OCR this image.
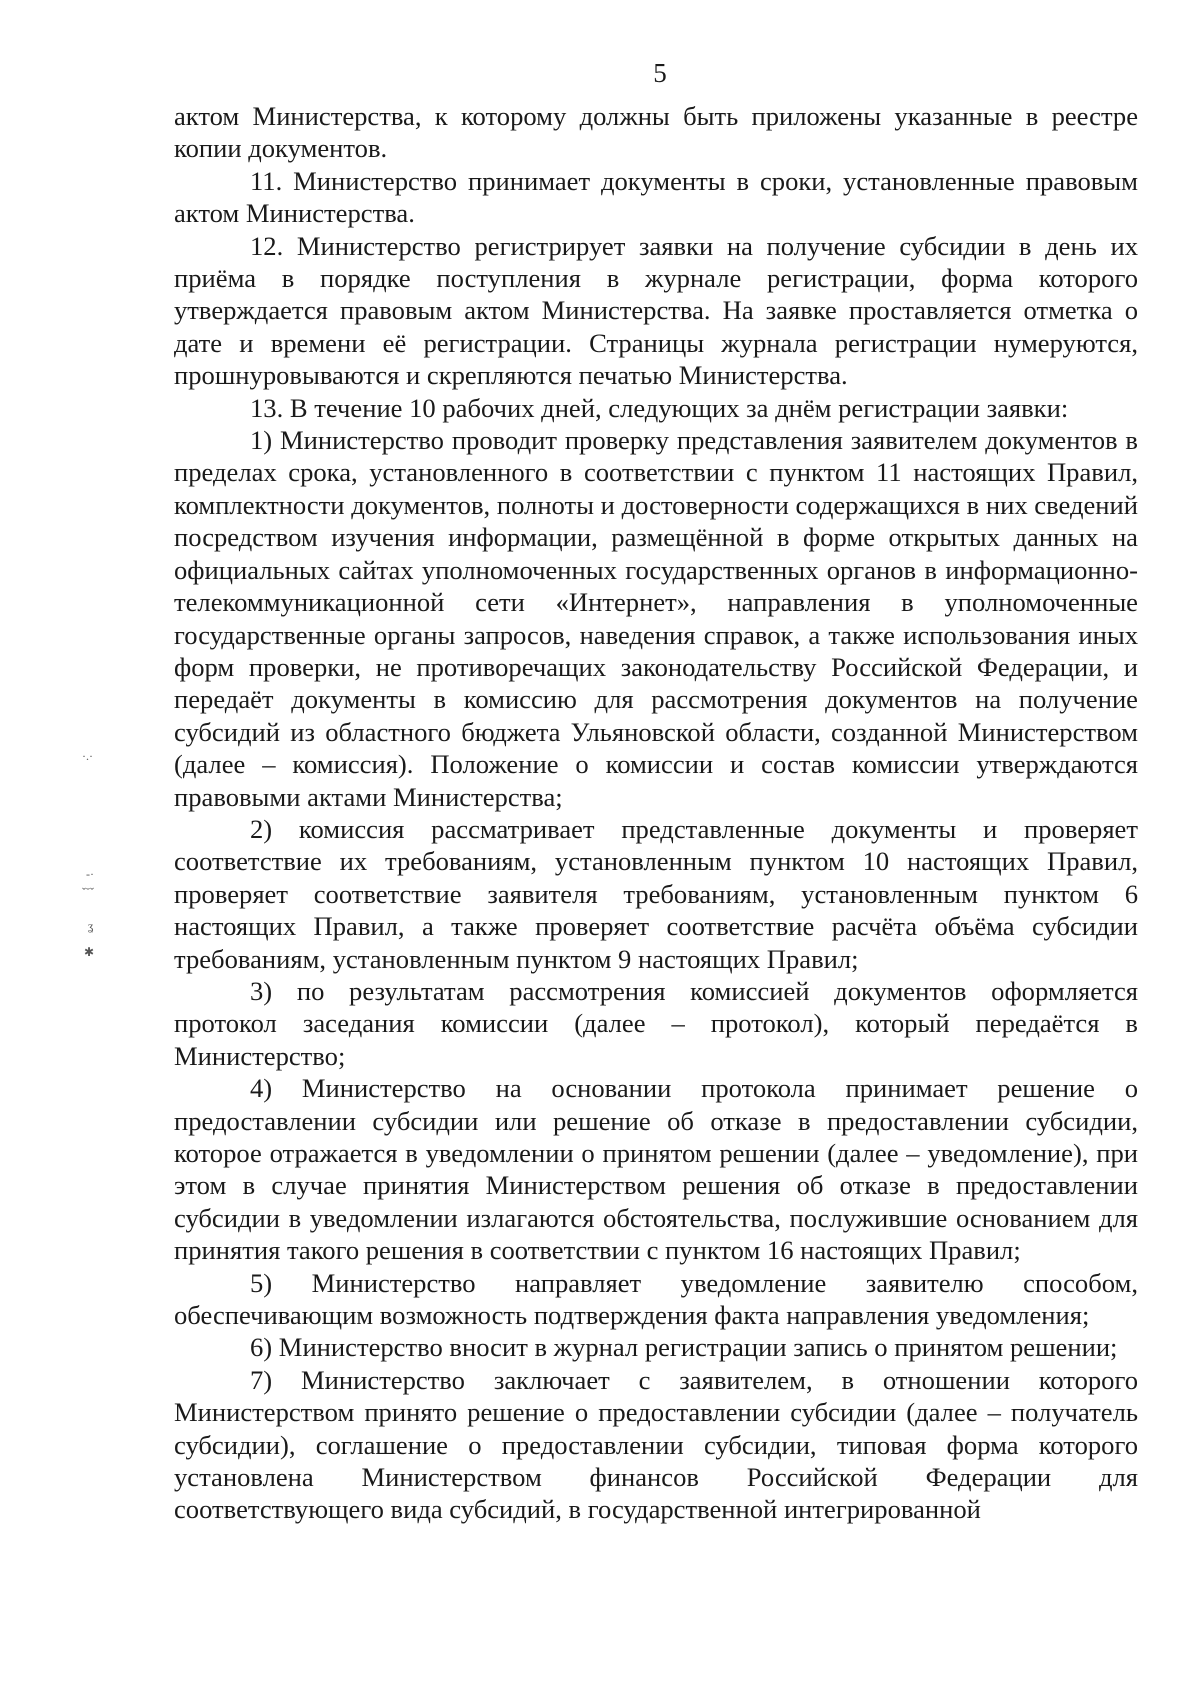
5
·.·
-·
ˇ˘ˇ
ʓ
✱

актом Министерства, к которому должны быть приложены указанные в реестре копии документов.

11. Министерство принимает документы в сроки, установленные правовым актом Министерства.

12. Министерство регистрирует заявки на получение субсидии в день их приёма в порядке поступления в журнале регистрации, форма которого утверждается правовым актом Министерства. На заявке проставляется отметка о дате и времени её регистрации. Страницы журнала регистрации нумеруются, прошнуровываются и скрепляются печатью Министерства.

13. В течение 10 рабочих дней, следующих за днём регистрации заявки:

1) Министерство проводит проверку представления заявителем документов в пределах срока, установленного в соответствии с пунктом 11 настоящих Правил, комплектности документов, полноты и достоверности содержащихся в них сведений посредством изучения информации, размещённой в форме открытых данных на официальных сайтах уполномоченных государственных органов в информационно-телекоммуникационной сети «Интернет», направления в уполномоченные государственные органы запросов, наведения справок, а также использования иных форм проверки, не противоречащих законодательству Российской Федерации, и передаёт документы в комиссию для рассмотрения документов на получение субсидий из областного бюджета Ульяновской области, созданной Министерством (далее – комиссия). Положение о комиссии и состав комиссии утверждаются правовыми актами Министерства;

2) комиссия рассматривает представленные документы и проверяет соответствие их требованиям, установленным пунктом 10 настоящих Правил, проверяет соответствие заявителя требованиям, установленным пунктом 6 настоящих Правил, а также проверяет соответствие расчёта объёма субсидии требованиям, установленным пунктом 9 настоящих Правил;

3) по результатам рассмотрения комиссией документов оформляется протокол заседания комиссии (далее – протокол), который передаётся в Министерство;

4) Министерство на основании протокола принимает решение о предоставлении субсидии или решение об отказе в предоставлении субсидии, которое отражается в уведомлении о принятом решении (далее – уведомление), при этом в случае принятия Министерством решения об отказе в предоставлении субсидии в уведомлении излагаются обстоятельства, послужившие основанием для принятия такого решения в соответствии с пунктом 16 настоящих Правил;

5) Министерство направляет уведомление заявителю способом, обеспечивающим возможность подтверждения факта направления уведомления;

6) Министерство вносит в журнал регистрации запись о принятом решении;

7) Министерство заключает с заявителем, в отношении которого Министерством принято решение о предоставлении субсидии (далее – получатель субсидии), соглашение о предоставлении субсидии, типовая форма которого установлена Министерством финансов Российской Федерации для соответствующего вида субсидий, в государственной интегрированной
